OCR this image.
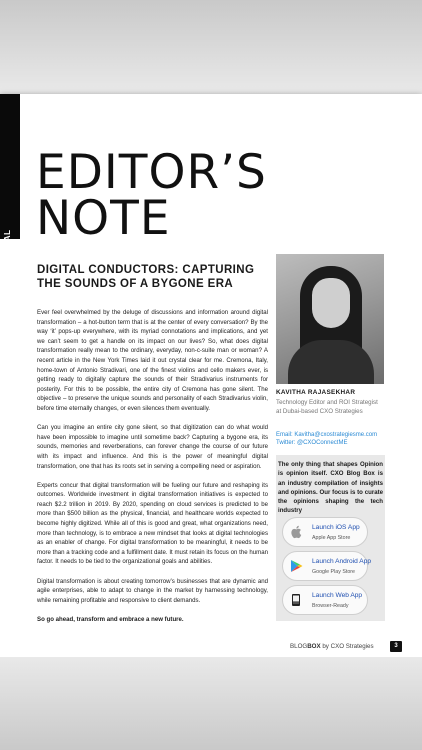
EDITORIAL
EDITOR’S
NOTE
DIGITAL CONDUCTORS: CAPTURING THE SOUNDS OF A BYGONE ERA

Ever feel overwhelmed by the deluge of discussions and information around digital transformation – a hot-button term that is at the center of every conversation? By the way ‘it’ pops-up everywhere, with its myriad connotations and implications, and yet we can’t seem to get a handle on its impact on our lives? So, what does digital transformation really mean to the ordinary, everyday, non-c-suite man or woman? A recent article in the New York Times laid it out crystal clear for me. Cremona, Italy, home-town of Antonio Stradivari, one of the finest violins and cello makers ever, is getting ready to digitally capture the sounds of their Stradivarius instruments for posterity. For this to be possible, the entire city of Cremona has gone silent. The objective – to preserve the unique sounds and personality of each Stradivarius violin, before time eternally changes, or even silences them eventually.

Can you imagine an entire city gone silent, so that digitization can do what would have been impossible to imagine until sometime back? Capturing a bygone era, its sounds, memories and reverberations, can forever change the course of our future with its impact and influence. And this is the power of meaningful digital transformation, one that has its roots set in serving a compelling need or aspiration.

Experts concur that digital transformation will be fueling our future and reshaping its outcomes. Worldwide investment in digital transformation initiatives is expected to reach $2.2 trillion in 2019. By 2020, spending on cloud services is predicted to be more than $500 billion as the physical, financial, and healthcare worlds expected to become highly digitized. While all of this is good and great, what organizations need, more than technology, is to embrace a new mindset that looks at digital technologies as an enabler of change. For digital transformation to be meaningful, it needs to be more than a tracking code and a fulfillment date. It must retain its focus on the human factor. It needs to be tied to the organizational goals and abilities.

Digital transformation is about creating tomorrow’s businesses that are dynamic and agile enterprises, able to adapt to change in the market by harnessing technology, while remaining profitable and responsive to client demands.

So go ahead, transform and embrace a new future.

KAVITHA RAJASEKHAR
Technology Editor and ROI Strategist at Dubai-based CXO Strategies
Email: Kavitha@cxostrategiesme.com
Twitter: @CXOConnectME
The only thing that shapes Opinion is opinion itself. CXO Blog Box is an industry compilation of insights and opinions. Our focus is to curate the opinions shaping the tech industry
Launch iOS App
Apple App Store
Launch Android App
Google Play Store
Launch Web App
Browser-Ready
BLOGBOX by CXO Strategies	3
